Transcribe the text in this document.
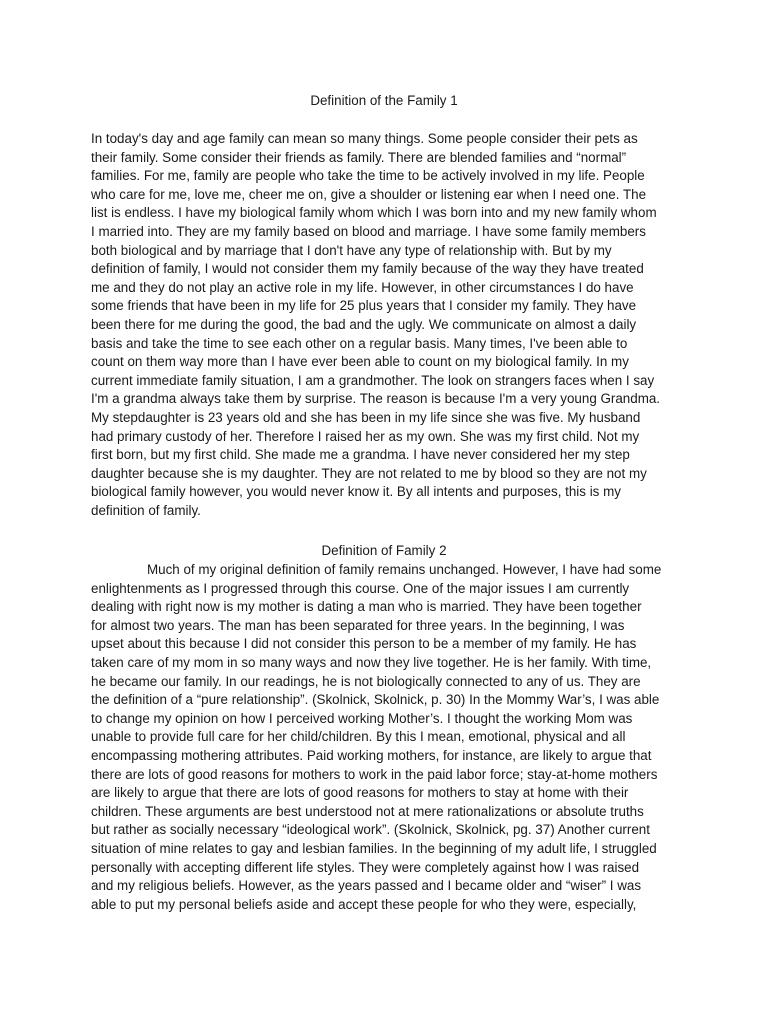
Definition of the Family 1
In today's day and age family can mean so many things. Some people consider their pets as
their family. Some consider their friends as family. There are blended families and “normal”
families. For me, family are people who take the time to be actively involved in my life. People
who care for me, love me, cheer me on, give a shoulder or listening ear when I need one. The
list is endless. I have my biological family whom which I was born into and my new family whom
I married into. They are my family based on blood and marriage. I have some family members
both biological and by marriage that I don't have any type of relationship with. But by my
definition of family, I would not consider them my family because of the way they have treated
me and they do not play an active role in my life. However, in other circumstances I do have
some friends that have been in my life for 25 plus years that I consider my family. They have
been there for me during the good, the bad and the ugly. We communicate on almost a daily
basis and take the time to see each other on a regular basis. Many times, I've been able to
count on them way more than I have ever been able to count on my biological family. In my
current immediate family situation, I am a grandmother. The look on strangers faces when I say
I'm a grandma always take them by surprise. The reason is because I'm a very young Grandma.
My stepdaughter is 23 years old and she has been in my life since she was five. My husband
had primary custody of her. Therefore I raised her as my own. She was my first child. Not my
first born, but my first child. She made me a grandma. I have never considered her my step
daughter because she is my daughter. They are not related to me by blood so they are not my
biological family however, you would never know it. By all intents and purposes, this is my
definition of family.
Definition of Family 2
Much of my original definition of family remains unchanged. However, I have had some
enlightenments as I progressed through this course. One of the major issues I am currently
dealing with right now is my mother is dating a man who is married. They have been together
for almost two years. The man has been separated for three years. In the beginning, I was
upset about this because I did not consider this person to be a member of my family. He has
taken care of my mom in so many ways and now they live together. He is her family. With time,
he became our family. In our readings, he is not biologically connected to any of us. They are
the definition of a “pure relationship”. (Skolnick, Skolnick, p. 30) In the Mommy War’s, I was able
to change my opinion on how I perceived working Mother’s. I thought the working Mom was
unable to provide full care for her child/children. By this I mean, emotional, physical and all
encompassing mothering attributes. Paid working mothers, for instance, are likely to argue that
there are lots of good reasons for mothers to work in the paid labor force; stay-at-home mothers
are likely to argue that there are lots of good reasons for mothers to stay at home with their
children. These arguments are best understood not at mere rationalizations or absolute truths
but rather as socially necessary “ideological work”. (Skolnick, Skolnick, pg. 37) Another current
situation of mine relates to gay and lesbian families. In the beginning of my adult life, I struggled
personally with accepting different life styles. They were completely against how I was raised
and my religious beliefs. However, as the years passed and I became older and “wiser” I was
able to put my personal beliefs aside and accept these people for who they were, especially,
